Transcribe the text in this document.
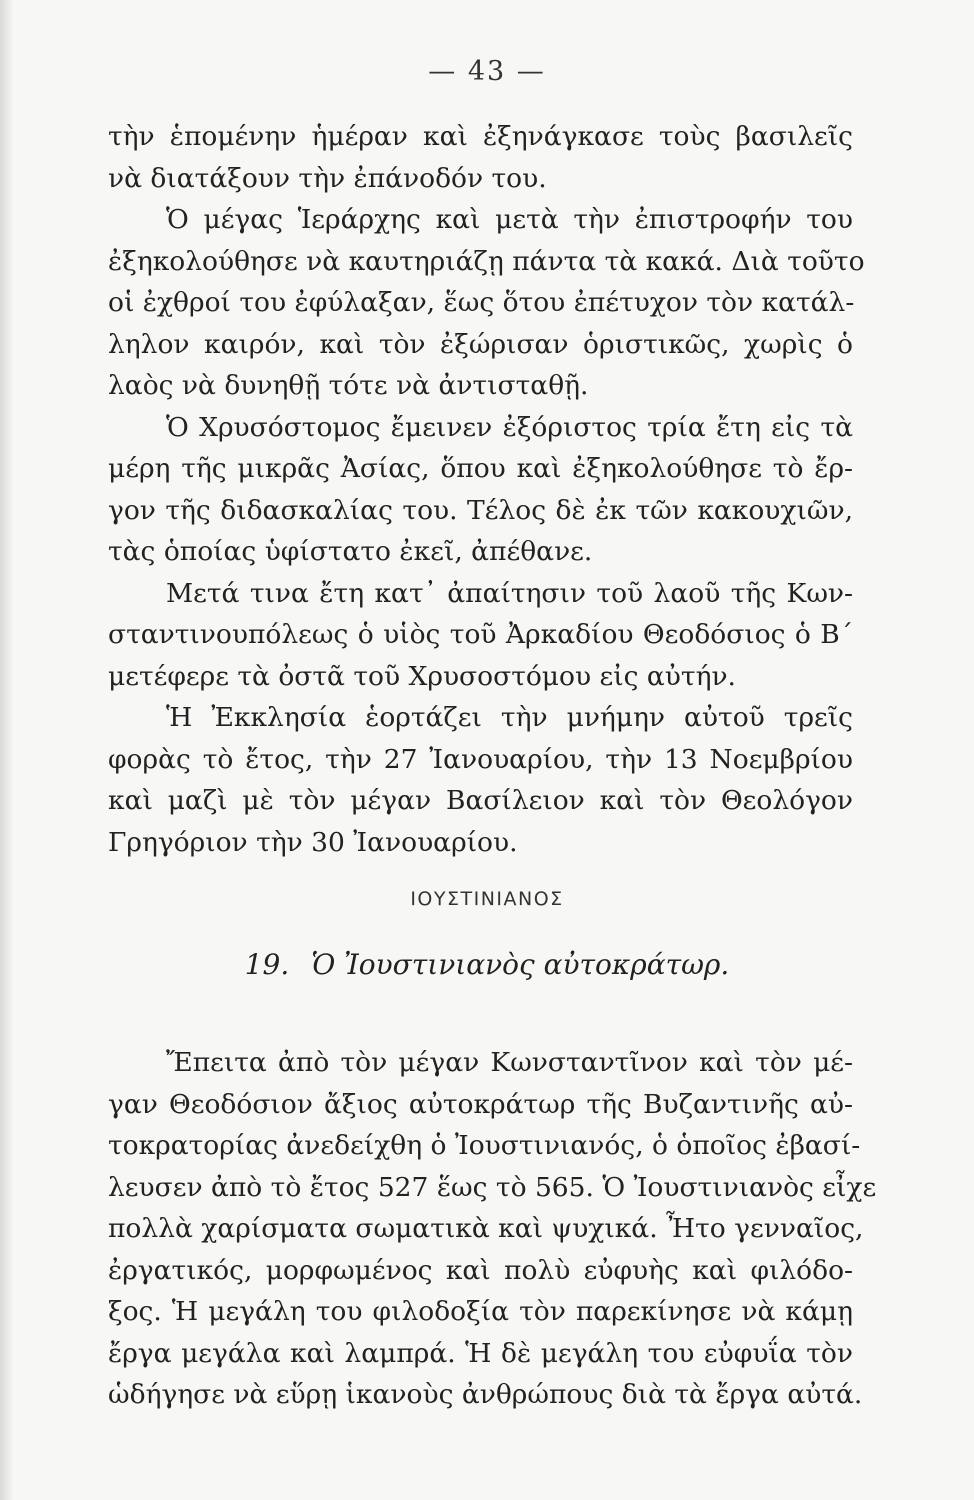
— 43 —
τὴν ἑπομένην ἡμέραν καὶ ἐξηνάγκασε τοὺς βασιλεῖς
νὰ διατάξουν τὴν ἐπάνοδόν του.
Ὁ μέγας Ἱεράρχης καὶ μετὰ τὴν ἐπιστροφήν του
ἐξηκολούθησε νὰ καυτηριάζῃ πάντα τὰ κακά. Διὰ τοῦτο
οἱ ἐχθροί του ἐφύλαξαν, ἕως ὅτου ἐπέτυχον τὸν κατάλ-
ληλον καιρόν, καὶ τὸν ἐξώρισαν ὁριστικῶς, χωρὶς ὁ
λαὸς νὰ δυνηθῇ τότε νὰ ἀντισταθῇ.
Ὁ Χρυσόστομος ἔμεινεν ἐξόριστος τρία ἔτη εἰς τὰ
μέρη τῆς μικρᾶς Ἀσίας, ὅπου καὶ ἐξηκολούθησε τὸ ἔρ-
γον τῆς διδασκαλίας του. Τέλος δὲ ἐκ τῶν κακουχιῶν,
τὰς ὁποίας ὑφίστατο ἐκεῖ, ἀπέθανε.
Μετά τινα ἔτη κατ᾽ ἀπαίτησιν τοῦ λαοῦ τῆς Κων-
σταντινουπόλεως ὁ υἱὸς τοῦ Ἀρκαδίου Θεοδόσιος ὁ Β΄
μετέφερε τὰ ὀστᾶ τοῦ Χρυσοστόμου εἰς αὐτήν.
Ἡ Ἐκκλησία ἑορτάζει τὴν μνήμην αὐτοῦ τρεῖς
φορὰς τὸ ἔτος, τὴν 27 Ἰανουαρίου, τὴν 13 Νοεμβρίου
καὶ μαζὶ μὲ τὸν μέγαν Βασίλειον καὶ τὸν Θεολόγον
Γρηγόριον τὴν 30 Ἰανουαρίου.
ΙΟΥΣΤΙΝΙΑΝΟΣ
19. Ὁ Ἰουστινιανὸς αὐτοκράτωρ.
Ἔπειτα ἀπὸ τὸν μέγαν Κωνσταντῖνον καὶ τὸν μέ-
γαν Θεοδόσιον ἄξιος αὐτοκράτωρ τῆς Βυζαντινῆς αὐ-
τοκρατορίας ἀνεδείχθη ὁ Ἰουστινιανός, ὁ ὁποῖος ἐβασί-
λευσεν ἀπὸ τὸ ἔτος 527 ἕως τὸ 565. Ὁ Ἰουστινιανὸς εἶχε
πολλὰ χαρίσματα σωματικὰ καὶ ψυχικά. Ἦτο γενναῖος,
ἐργατικός, μορφωμένος καὶ πολὺ εὐφυὴς καὶ φιλόδο-
ξος. Ἡ μεγάλη του φιλοδοξία τὸν παρεκίνησε νὰ κάμῃ
ἔργα μεγάλα καὶ λαμπρά. Ἡ δὲ μεγάλη του εὐφυΐα τὸν
ὡδήγησε νὰ εὕρῃ ἱκανοὺς ἀνθρώπους διὰ τὰ ἔργα αὐτά.
